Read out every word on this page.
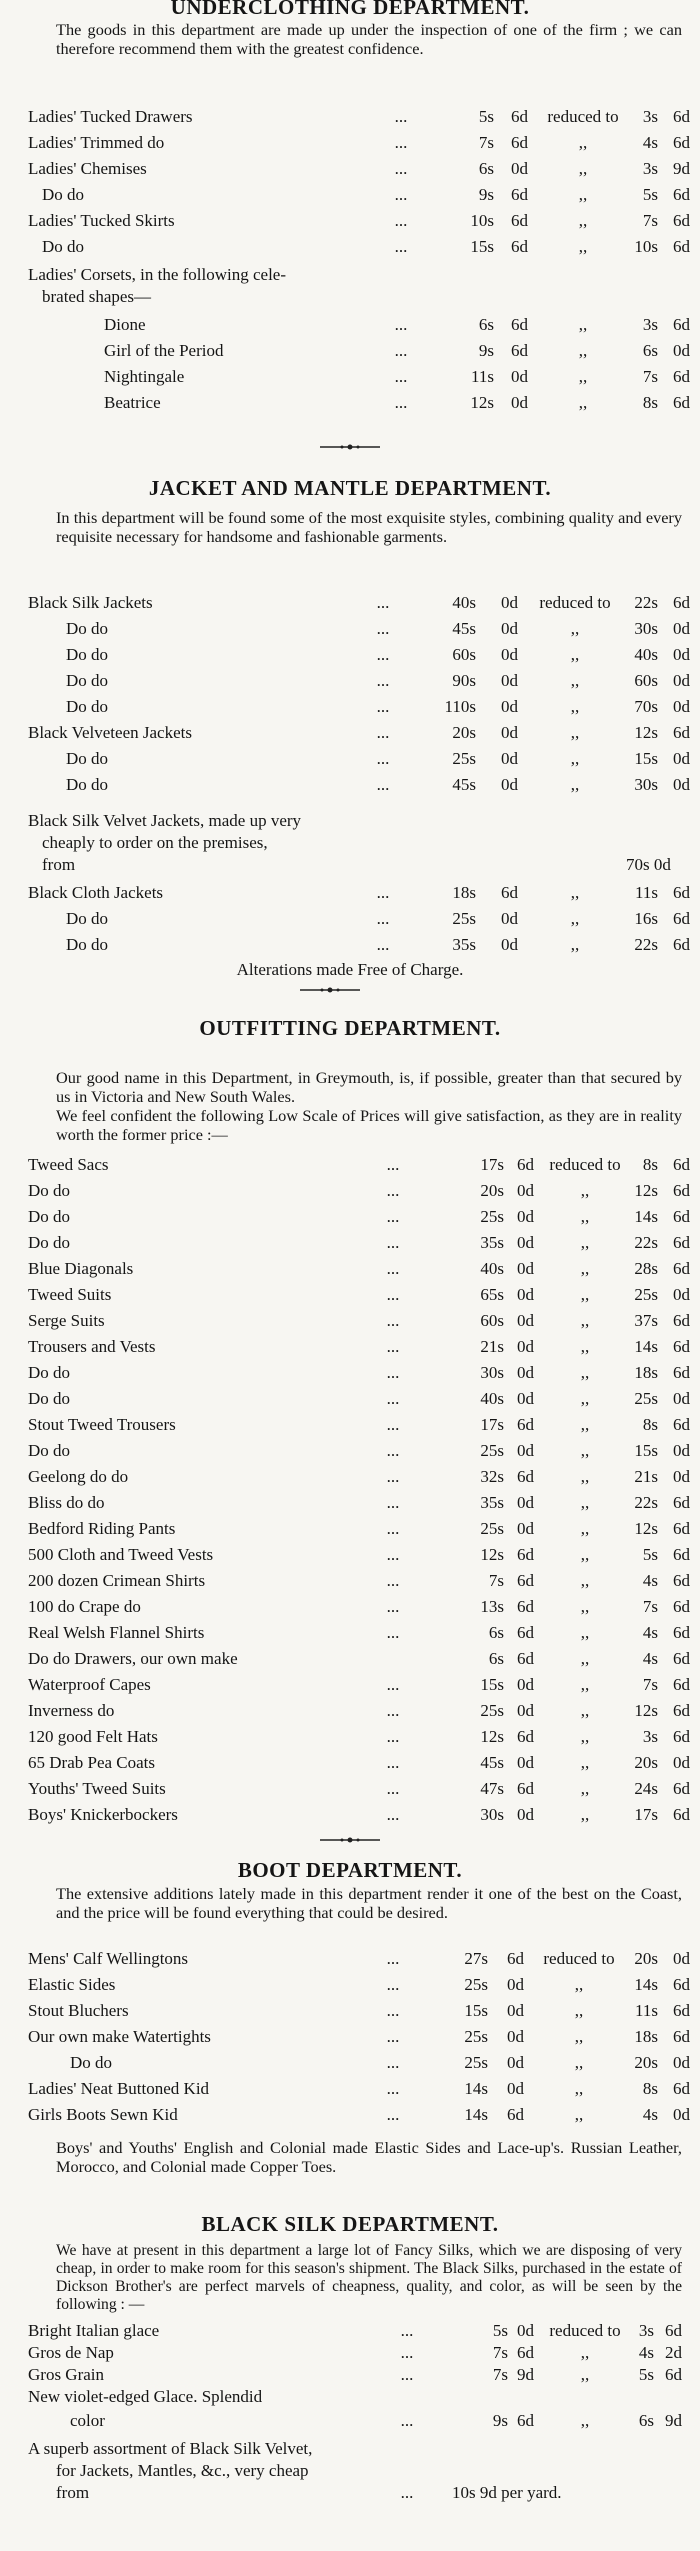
UNDERCLOTHING DEPARTMENT.
The goods in this department are made up under the inspection of one of the firm ; we can therefore recommend them with the greatest confidence.
Ladies' Tucked Drawers	...	5s	6d	reduced to	3s 6d
Ladies' Trimmed do	...	7s	6d	,,	4s 6d
Ladies' Chemises	...	6s	0d	,,	3s 9d
Do do	...	9s	6d	,,	5s 6d
Ladies' Tucked Skirts	...	10s	6d	,,	7s 6d
Do do	...	15s	6d	,,	10s 6d
Ladies' Corsets, in the following cele-
brated shapes—
Dione	...	6s	6d	,,	3s 6d
Girl of the Period	...	9s	6d	,,	6s 0d
Nightingale	...	11s	0d	,,	7s 6d
Beatrice	...	12s	0d	,,	8s 6d
JACKET AND MANTLE DEPARTMENT.
In this department will be found some of the most exquisite styles, combining quality and every requisite necessary for handsome and fashionable garments.
Black Silk Jackets	...	40s	0d	reduced to	22s 6d
Do do	...	45s	0d	,,	30s 0d
Do do	...	60s	0d	,,	40s 0d
Do do	...	90s	0d	,,	60s 0d
Do do	...	110s	0d	,,	70s 0d
Black Velveteen Jackets	...	20s	0d	,,	12s 6d
Do do	...	25s	0d	,,	15s 0d
Do do	...	45s	0d	,,	30s 0d
Black Silk Velvet Jackets, made up very
cheaply to order on the premises,
from	70s 0d
Black Cloth Jackets	...	18s	6d	,,	11s 6d
Do do	...	25s	0d	,,	16s 6d
Do do	...	35s	0d	,,	22s 6d
Alterations made Free of Charge.
OUTFITTING DEPARTMENT.
Our good name in this Department, in Greymouth, is, if possible, greater than that secured by us in Victoria and New South Wales.
We feel confident the following Low Scale of Prices will give satisfaction, as they are in reality worth the former price :—
Tweed Sacs	...	17s 6d reduced to	8s 6d
Do do	...	20s 0d	,,	12s 6d
Do do	...	25s 0d	,,	14s 6d
Do do	...	35s 0d	,,	22s 6d
Blue Diagonals	...	40s 0d	,,	28s 6d
Tweed Suits	...	65s 0d	,,	25s 0d
Serge Suits	...	60s 0d	,,	37s 6d
Trousers and Vests	...	21s 0d	,,	14s 6d
Do do	...	30s 0d	,,	18s 6d
Do do	...	40s 0d	,,	25s 0d
Stout Tweed Trousers	...	17s 6d	,,	8s 6d
Do do	...	25s 0d	,,	15s 0d
Geelong do do	...	32s 6d	,,	21s 0d
Bliss do do	...	35s 0d	,,	22s 6d
Bedford Riding Pants	...	25s 0d	,,	12s 6d
500 Cloth and Tweed Vests	...	12s 6d	,,	5s 6d
200 dozen Crimean Shirts	...	7s 6d	,,	4s 6d
100 do Crape do	...	13s 6d	,,	7s 6d
Real Welsh Flannel Shirts	...	6s 6d	,,	4s 6d
Do do Drawers, our own make	6s 6d	,,	4s 6d
Waterproof Capes	...	15s 0d	,,	7s 6d
Inverness do	...	25s 0d	,,	12s 6d
120 good Felt Hats	...	12s 6d	,,	3s 6d
65 Drab Pea Coats	...	45s 0d	,,	20s 0d
Youths' Tweed Suits	...	47s 6d	,,	24s 6d
Boys' Knickerbockers	...	30s 0d	,,	17s 6d
BOOT DEPARTMENT.
The extensive additions lately made in this department render it one of the best on the Coast, and the price will be found everything that could be desired.
Mens' Calf Wellingtons	...	27s	6d	reduced to	20s 0d
Elastic Sides	...	25s	0d	,,	14s 6d
Stout Bluchers	...	15s	0d	,,	11s 6d
Our own make Watertights	...	25s	0d	,,	18s 6d
Do do	...	25s	0d	,,	20s 0d
Ladies' Neat Buttoned Kid	...	14s	0d	,,	8s 6d
Girls Boots Sewn Kid	...	14s	6d	,,	4s 0d
Boys' and Youths' English and Colonial made Elastic Sides and Lace-up's. Russian Leather, Morocco, and Colonial made Copper Toes.
BLACK SILK DEPARTMENT.
We have at present in this department a large lot of Fancy Silks, which we are disposing of very cheap, in order to make room for this season's shipment. The Black Silks, purchased in the estate of Dickson Brother's are perfect marvels of cheapness, quality, and color, as will be seen by the following : —
Bright Italian glace	...	5s 0d reduced to	3s 6d
Gros de Nap	...	7s 6d	,,	4s 2d
Gros Grain	...	7s 9d	,,	5s 6d
New violet-edged Glace. Splendid
color	...	9s 6d	,,	6s 9d
A superb assortment of Black Silk Velvet,
for Jackets, Mantles, &c., very cheap
from	...	10s 9d per yard.
